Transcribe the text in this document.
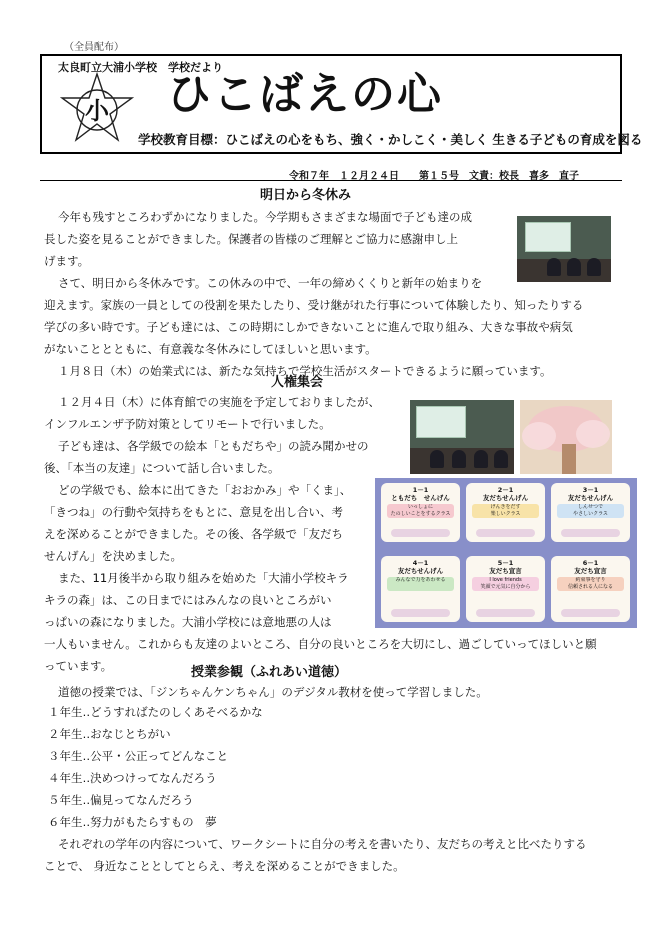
（全員配布）
太良町立大浦小学校　学校だより
小 ひこばえの心
学校教育目標：ひこばえの心をもち、強く・かしこく・美しく 生きる子どもの育成を図る
令和７年　１２月２４日　　第１５号　文責：校長　喜多　直子
明日から冬休み
今年も残すところわずかになりました。今学期もさまざまな場面で子ども達の成
長した姿を見ることができました。保護者の皆様のご理解とご協力に感謝申し上
げます。
さて、明日から冬休みです。この休みの中で、一年の締めくくりと新年の始まりを
迎えます。家族の一員としての役割を果たしたり、受け継がれた行事について体験したり、知ったりする
学びの多い時です。子ども達には、この時期にしかできないことに進んで取り組み、大きな事故や病気
がないこととともに、有意義な冬休みにしてほしいと思います。
１月８日（木）の始業式には、新たな気持ちで学校生活がスタートできるように願っています。
人権集会
１２月４日（木）に体育館での実施を予定しておりましたが、
インフルエンザ予防対策としてリモートで行いました。
子ども達は、各学級での絵本「ともだちや」の読み聞かせの
後、「本当の友達」について話し合いました。
どの学級でも、絵本に出てきた「おおかみ」や「くま」、
「きつね」の行動や気持ちをもとに、意見を出し合い、考
えを深めることができました。その後、各学級で「友だち
せんげん」を決めました。
また、11月後半から取り組みを始めた「大浦小学校キラ
キラの森」は、この日までにはみんなの良いところがい
っぱいの森になりました。大浦小学校には意地悪の人は
一人もいません。これからも友達のよいところ、自分の良いところを大切にし、過ごしていってほしいと願
っています。
1－1
ともだち　せんげん
いっしょに
たのしいことをするクラス
2－1
友だちせんげん
げんきをだす
楽しいクラス
3－1
友だちせんげん
しんせつで
やさしいクラス
4－1
友だちせんげん
みんなで力をあわせる
5－1
友だち宣言
I love friends
笑顔で元気に自分から
6－1
友だち宣言
約束事を守り
信頼される人になる
授業参観（ふれあい道徳）
道徳の授業では、「ジンちゃんケンちゃん」のデジタル教材を使って学習しました。
１年生‥どうすればたのしくあそべるかな
２年生‥おなじとちがい
３年生‥公平・公正ってどんなこと
４年生‥決めつけってなんだろう
５年生‥偏見ってなんだろう
６年生‥努力がもたらすもの　夢
それぞれの学年の内容について、ワークシートに自分の考えを書いたり、友だちの考えと比べたりする
ことで、 身近なこととしてとらえ、考えを深めることができました。
